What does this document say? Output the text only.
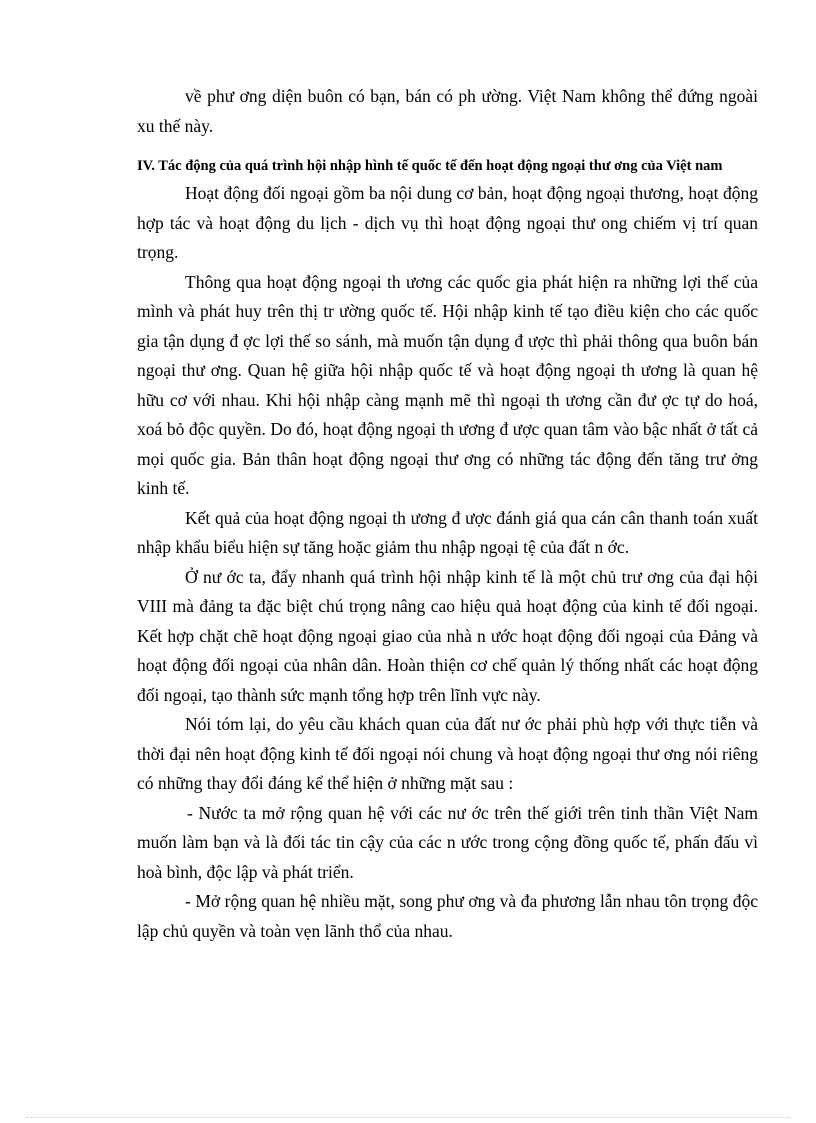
về phư ơng diện buôn có bạn, bán có ph ường. Việt Nam không thể đứng ngoài xu thế này.

IV. Tác động của quá trình hội nhập hình tế quốc tế đến hoạt động ngoại thư ơng của Việt nam

Hoạt động đối ngoại gồm ba nội dung cơ bản, hoạt động ngoại thương, hoạt động hợp tác và hoạt động du lịch - dịch vụ thì hoạt động ngoại thư ong chiếm vị trí quan trọng.

Thông qua hoạt động ngoại th ương các quốc gia phát hiện ra những lợi thế của mình và phát huy trên thị tr ường quốc tế. Hội nhập kinh tế tạo điều kiện cho các quốc gia tận dụng đ ợc lợi thế so sánh, mà muốn tận dụng đ ược thì phải thông qua buôn bán ngoại thư ơng. Quan hệ giữa hội nhập quốc tế và hoạt động ngoại th ương là quan hệ hữu cơ với nhau. Khi hội nhập càng mạnh mẽ thì ngoại th ương cần đư ợc tự do hoá, xoá bỏ độc quyền. Do đó, hoạt động ngoại th ương đ ược quan tâm vào bậc nhất ở tất cả mọi quốc gia. Bản thân hoạt động ngoại thư ơng có những tác động đến tăng trư ởng kinh tế.

Kết quả của hoạt động ngoại th ương đ ược đánh giá qua cán cân thanh toán xuất nhập khẩu biểu hiện sự tăng hoặc giảm thu nhập ngoại tệ của đất n ớc.

Ở nư ớc ta, đẩy nhanh quá trình hội nhập kinh tế là một chủ trư ơng của đại hội VIII mà đảng ta đặc biệt chú trọng nâng cao hiệu quả hoạt động của kinh tế đối ngoại. Kết hợp chặt chẽ hoạt động ngoại giao của nhà n ước hoạt động đối ngoại của Đảng và hoạt động đối ngoại của nhân dân. Hoàn thiện cơ chế quản lý thống nhất các hoạt động đối ngoại, tạo thành sức mạnh tổng hợp trên lĩnh vực này.

Nói tóm lại, do yêu cầu khách quan của đất nư ớc phải phù hợp với thực tiễn và thời đại nên hoạt động kinh tế đối ngoại nói chung và hoạt động ngoại thư ơng nói riêng có những thay đổi đáng kể thể hiện ở những mặt sau :

- Nước ta mở rộng quan hệ với các nư ớc trên thế giới trên tinh thần Việt Nam muốn làm bạn và là đối tác tin cậy của các n ước trong cộng đồng quốc tế, phấn đấu vì hoà bình, độc lập và phát triển.

- Mở rộng quan hệ nhiều mặt, song phư ơng và đa phương lẫn nhau tôn trọng độc lập chủ quyền và toàn vẹn lãnh thổ của nhau.
